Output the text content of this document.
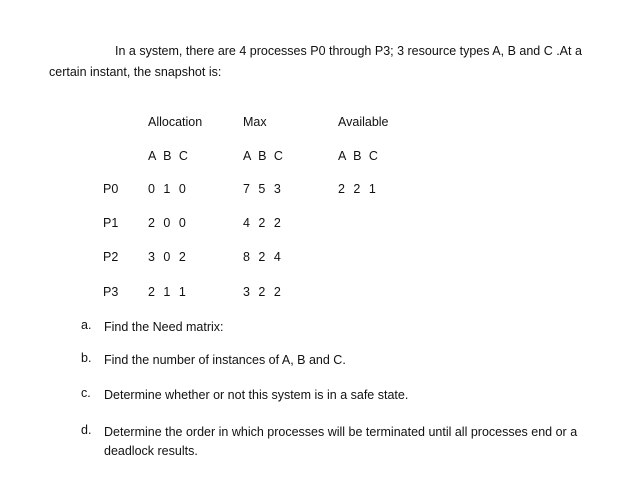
In a system, there are 4 processes P0 through P3; 3 resource types A, B and C .At a
certain instant, the snapshot is:
Allocation	Max	Available
A B C	A B C	A B C
P0 0 1 0	7 5 3	2 2 1
P1 2 0 0	4 2 2
P2 3 0 2	8 2 4
P3 2 1 1	3 2 2
a. Find the Need matrix:
b. Find the number of instances of A, B and C.
c. Determine whether or not this system is in a safe state.
d. Determine the order in which processes will be terminated until all processes end or a deadlock results.
